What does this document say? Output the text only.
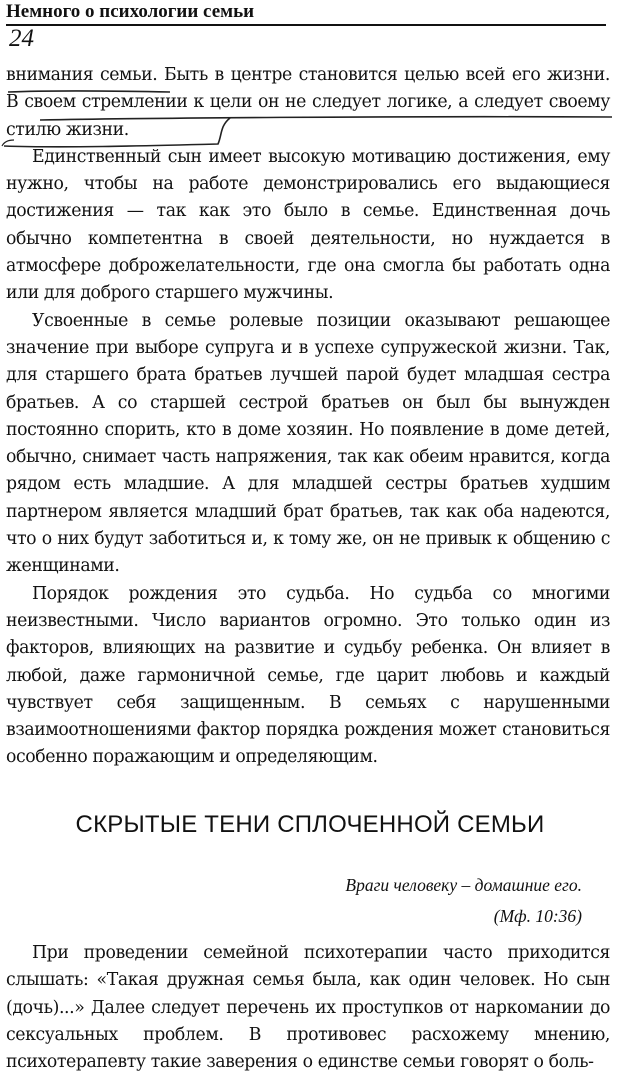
Немного о психологии семьи
24

внимания семьи. Быть в центре становится целью всей его жизни. В своем стремлении к цели он не следует логике, а следует своему стилю жизни.

Единственный сын имеет высокую мотивацию достижения, ему нужно, чтобы на работе демонстрировались его выдающиеся достижения — так как это было в семье. Единственная дочь обычно компетентна в своей деятельности, но нуждается в атмосфере доброжелательности, где она смогла бы работать одна или для доброго старшего мужчины.

Усвоенные в семье ролевые позиции оказывают решающее значение при выборе супруга и в успехе супружеской жизни. Так, для старшего брата братьев лучшей парой будет младшая сестра братьев. А со старшей сестрой братьев он был бы вынужден постоянно спорить, кто в доме хозяин. Но появление в доме детей, обычно, снимает часть напряжения, так как обеим нравится, когда рядом есть младшие. А для младшей сестры братьев худшим партнером является младший брат братьев, так как оба надеются, что о них будут заботиться и, к тому же, он не привык к общению с женщинами.

Порядок рождения это судьба. Но судьба со многими неизвестными. Число вариантов огромно. Это только один из факторов, влияющих на развитие и судьбу ребенка. Он влияет в любой, даже гармоничной семье, где царит любовь и каждый чувствует себя защищенным. В семьях с нарушенными взаимоотношениями фактор порядка рождения может становиться особенно поражающим и определяющим.

СКРЫТЫЕ ТЕНИ СПЛОЧЕННОЙ СЕМЬИ
Враги человеку – домашние его.
(Мф. 10:36)

При проведении семейной психотерапии часто приходится слышать: «Такая дружная семья была, как один человек. Но сын (дочь)...» Далее следует перечень их проступков от наркомании до сексуальных проблем. В противовес расхожему мнению, психотерапевту такие заверения о единстве семьи говорят о боль-
